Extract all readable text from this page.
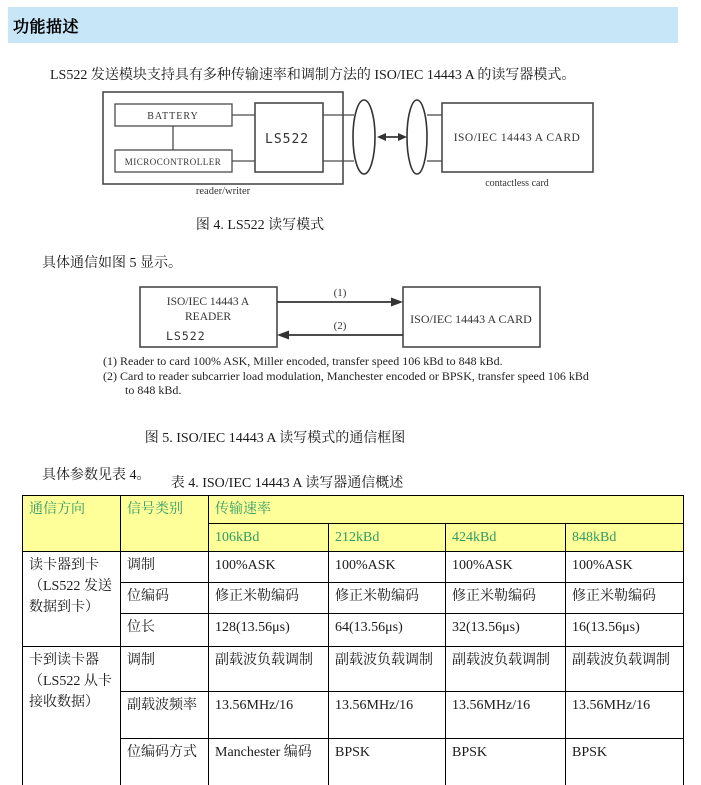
功能描述

LS522 发送模块支持具有多种传输速率和调制方法的 ISO/IEC 14443 A 的读写器模式。

BATTERY
MICROCONTROLLER
LS522	ISO/IEC 14443 A CARD
reader/writer
contactless card
图 4. LS522 读写模式

具体通信如图 5 显示。

ISO/IEC 14443 A
READER
LS522
ISO/IEC 14443 A CARD
(1)
(2)
(1) Reader to card 100% ASK, Miller encoded, transfer speed 106 kBd to 848 kBd.
(2) Card to reader subcarrier load modulation, Manchester encoded or BPSK, transfer speed 106 kBd
to 848 kBd.
图 5. ISO/IEC 14443 A 读写模式的通信框图

具体参数见表 4。

表 4. ISO/IEC 14443 A 读写器通信概述
通信方向	信号类别	传输速率			
		106kBd	212kBd	424kBd	848kBd
读卡器到卡（LS522 发送数据到卡）	调制	100%ASK	100%ASK	100%ASK	100%ASK
	位编码	修正米勒编码	修正米勒编码	修正米勒编码	修正米勒编码
	位长	128(13.56μs)	64(13.56μs)	32(13.56μs)	16(13.56μs)
卡到读卡器（LS522 从卡接收数据）	调制	副载波负载调制	副载波负载调制	副载波负载调制	副载波负载调制
	副载波频率	13.56MHz/16	13.56MHz/16	13.56MHz/16	13.56MHz/16
	位编码方式	Manchester 编码	BPSK	BPSK	BPSK
